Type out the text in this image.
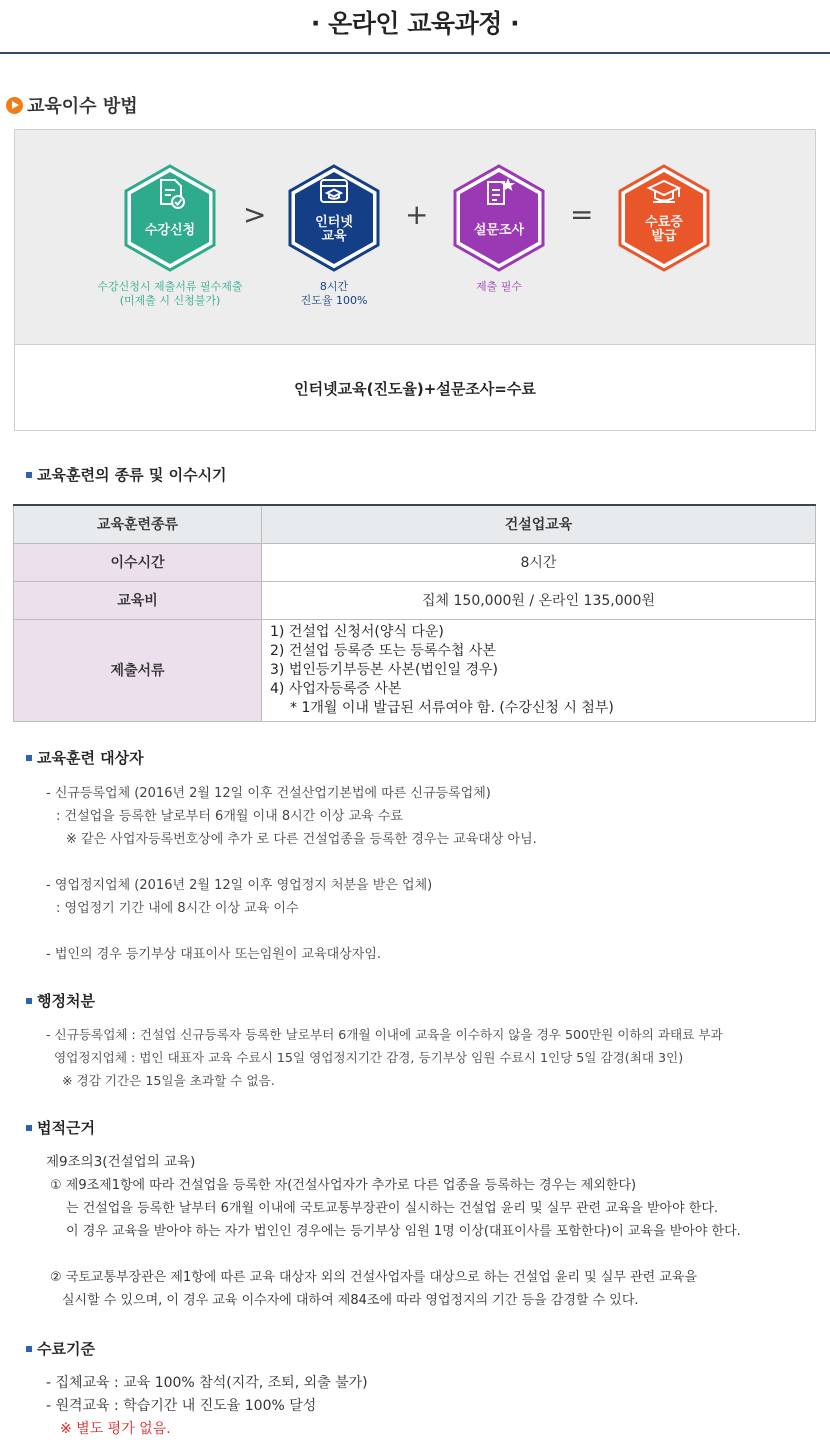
· 온라인 교육과정 ·
교육이수 방법
수강신청
수강신청시 제출서류 필수제출
(미제출 시 신청불가)
>	인터넷
교육
8시간
진도율 100%
+	설문조사
제출 필수
=	수료증
발급
인터넷교육(진도율)+설문조사=수료
교육훈련의 종류 및 이수시기
교육훈련종류	건설업교육
이수시간	8시간
교육비	집체 150,000원 / 온라인 135,000원
제출서류	1) 건설업 신청서(양식 다운)
2) 건설업 등록증 또는 등록수첩 사본
3) 법인등기부등본 사본(법인일 경우)
4) 사업자등록증 사본
* 1개월 이내 발급된 서류여야 함. (수강신청 시 첨부)
교육훈련 대상자
- 신규등록업체 (2016년 2월 12일 이후 건설산업기본법에 따른 신규등록업체)
: 건설업을 등록한 날로부터 6개월 이내 8시간 이상 교육 수료
※ 같은 사업자등록번호상에 추가 로 다른 건설업종을 등록한 경우는 교육대상 아님.
- 영업정지업체 (2016년 2월 12일 이후 영업정지 처분을 받은 업체)
: 영업정기 기간 내에 8시간 이상 교육 이수
- 법인의 경우 등기부상 대표이사 또는임원이 교육대상자임.
행정처분
- 신규등록업체 : 건설업 신규등록자 등록한 날로부터 6개월 이내에 교육을 이수하지 않을 경우 500만원 이하의 과태료 부과
영업정지업체 : 법인 대표자 교육 수료시 15일 영업정지기간 감경, 등기부상 임원 수료시 1인당 5일 감경(최대 3인)
※ 경감 기간은 15일을 초과할 수 없음.
법적근거
제9조의3(건설업의 교육)
① 제9조제1항에 따라 건설업을 등록한 자(건설사업자가 추가로 다른 업종을 등록하는 경우는 제외한다)
는 건설업을 등록한 날부터 6개월 이내에 국토교통부장관이 실시하는 건설업 윤리 및 실무 관련 교육을 받아야 한다.
이 경우 교육을 받아야 하는 자가 법인인 경우에는 등기부상 임원 1명 이상(대표이사를 포함한다)이 교육을 받아야 한다.
② 국토교통부장관은 제1항에 따른 교육 대상자 외의 건설사업자를 대상으로 하는 건설업 윤리 및 실무 관련 교육을
실시할 수 있으며, 이 경우 교육 이수자에 대하여 제84조에 따라 영업정지의 기간 등을 감경할 수 있다.
수료기준
- 집체교육 : 교육 100% 참석(지각, 조퇴, 외출 불가)
- 원격교육 : 학습기간 내 진도율 100% 달성
※ 별도 평가 없음.
